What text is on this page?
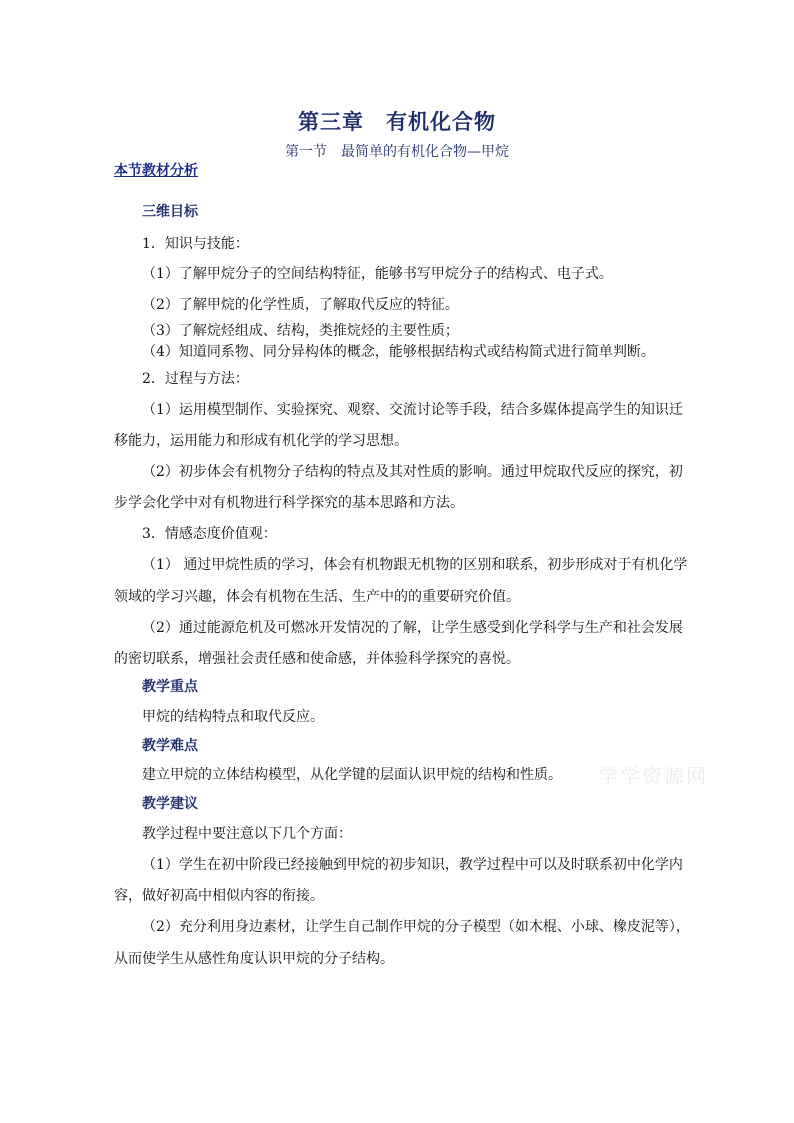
第三章　有机化合物
第一节　最简单的有机化合物—甲烷
本节教材分析
三维目标
1．知识与技能：
（1）了解甲烷分子的空间结构特征，能够书写甲烷分子的结构式、电子式。
（2）了解甲烷的化学性质，了解取代反应的特征。
（3）了解烷烃组成、结构，类推烷烃的主要性质；
（4）知道同系物、同分异构体的概念，能够根据结构式或结构简式进行简单判断。
2．过程与方法：
（1）运用模型制作、实验探究、观察、交流讨论等手段，结合多媒体提高学生的知识迁
移能力，运用能力和形成有机化学的学习思想。
（2）初步体会有机物分子结构的特点及其对性质的影响。通过甲烷取代反应的探究，初
步学会化学中对有机物进行科学探究的基本思路和方法。
3．情感态度价值观：
（1） 通过甲烷性质的学习，体会有机物跟无机物的区别和联系，初步形成对于有机化学
领域的学习兴趣，体会有机物在生活、生产中的的重要研究价值。
（2）通过能源危机及可燃冰开发情况的了解，让学生感受到化学科学与生产和社会发展
的密切联系，增强社会责任感和使命感，并体验科学探究的喜悦。
教学重点
甲烷的结构特点和取代反应。
教学难点
建立甲烷的立体结构模型，从化学键的层面认识甲烷的结构和性质。
教学建议
教学过程中要注意以下几个方面：
（1）学生在初中阶段已经接触到甲烷的初步知识，教学过程中可以及时联系初中化学内
容，做好初高中相似内容的衔接。
（2）充分利用身边素材，让学生自己制作甲烷的分子模型（如木棍、小球、橡皮泥等），
从而使学生从感性角度认识甲烷的分子结构。
学学资源网
